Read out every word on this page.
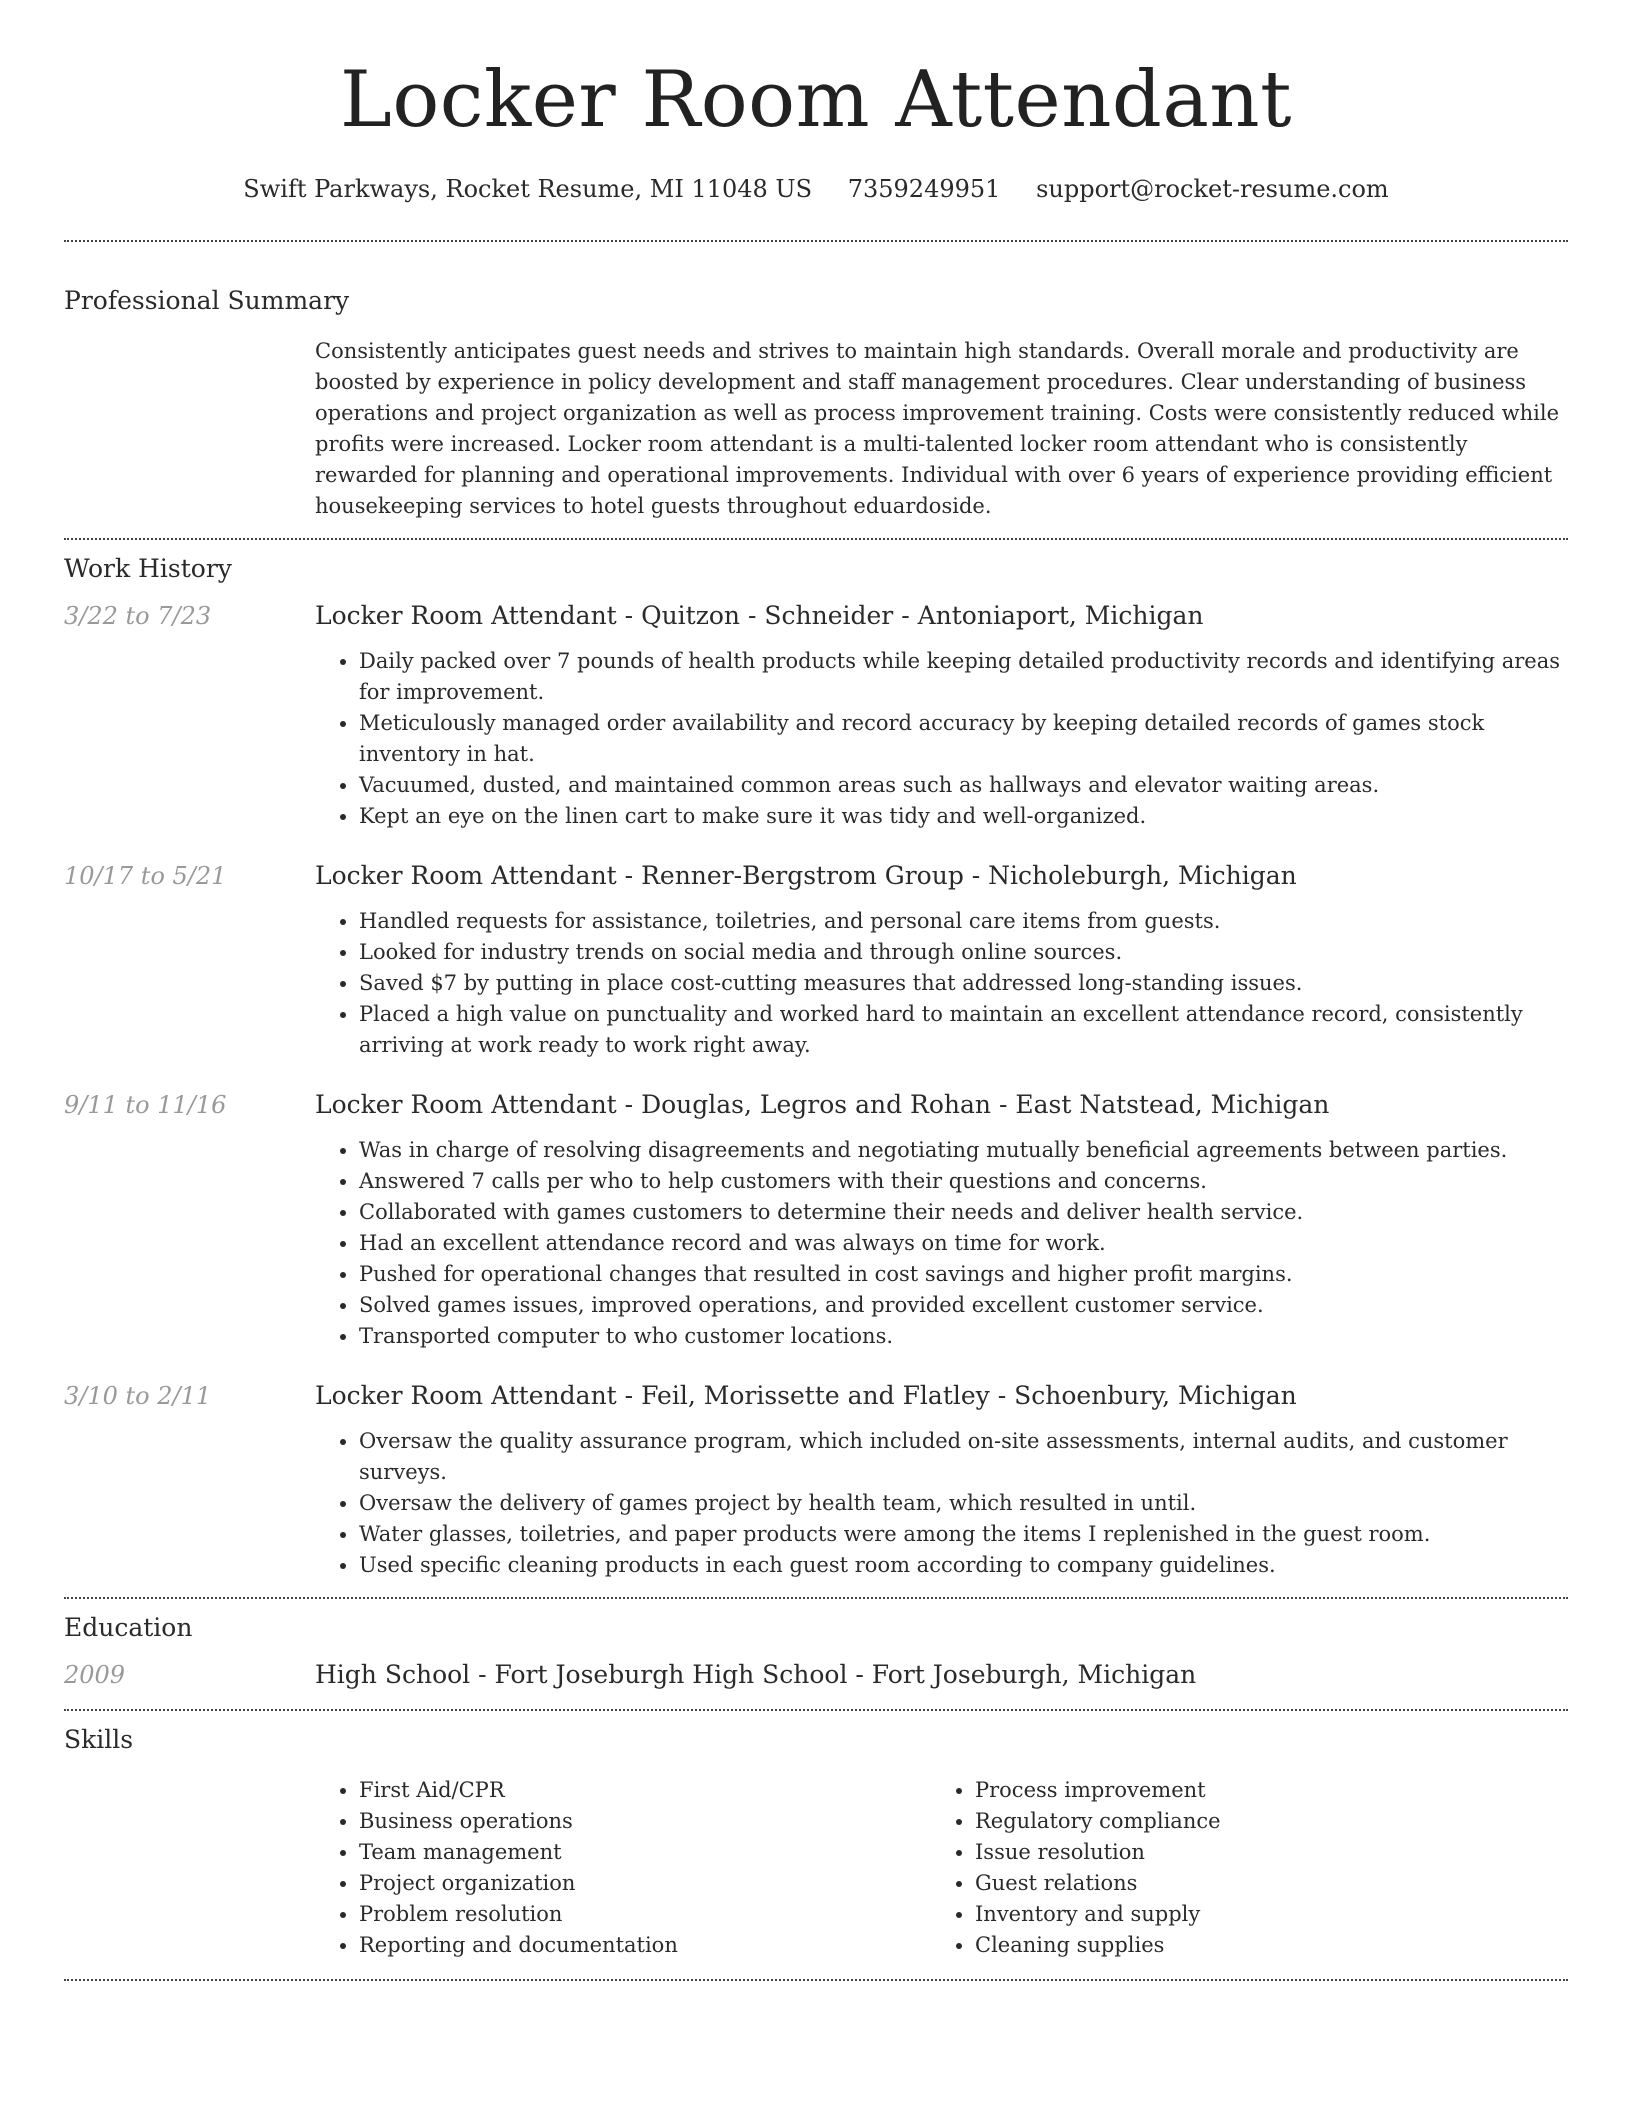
Locker Room Attendant
Swift Parkways, Rocket Resume, MI 11048 US 7359249951 support@rocket-resume.com
Professional Summary
Consistently anticipates guest needs and strives to maintain high standards. Overall morale and productivity are boosted by experience in policy development and staff management procedures. Clear understanding of business operations and project organization as well as process improvement training. Costs were consistently reduced while profits were increased. Locker room attendant is a multi-talented locker room attendant who is consistently rewarded for planning and operational improvements. Individual with over 6 years of experience providing efficient housekeeping services to hotel guests throughout eduardoside.
Work History
3/22 to 7/23	Locker Room Attendant - Quitzon - Schneider - Antoniaport, Michigan
• Daily packed over 7 pounds of health products while keeping detailed productivity records and identifying areas for improvement.
• Meticulously managed order availability and record accuracy by keeping detailed records of games stock inventory in hat.
• Vacuumed, dusted, and maintained common areas such as hallways and elevator waiting areas.
• Kept an eye on the linen cart to make sure it was tidy and well-organized.
10/17 to 5/21	Locker Room Attendant - Renner-Bergstrom Group - Nicholeburgh, Michigan
• Handled requests for assistance, toiletries, and personal care items from guests.
• Looked for industry trends on social media and through online sources.
• Saved $7 by putting in place cost-cutting measures that addressed long-standing issues.
• Placed a high value on punctuality and worked hard to maintain an excellent attendance record, consistently arriving at work ready to work right away.
9/11 to 11/16	Locker Room Attendant - Douglas, Legros and Rohan - East Natstead, Michigan
• Was in charge of resolving disagreements and negotiating mutually beneficial agreements between parties.
• Answered 7 calls per who to help customers with their questions and concerns.
• Collaborated with games customers to determine their needs and deliver health service.
• Had an excellent attendance record and was always on time for work.
• Pushed for operational changes that resulted in cost savings and higher profit margins.
• Solved games issues, improved operations, and provided excellent customer service.
• Transported computer to who customer locations.
3/10 to 2/11	Locker Room Attendant - Feil, Morissette and Flatley - Schoenbury, Michigan
• Oversaw the quality assurance program, which included on-site assessments, internal audits, and customer surveys.
• Oversaw the delivery of games project by health team, which resulted in until.
• Water glasses, toiletries, and paper products were among the items I replenished in the guest room.
• Used specific cleaning products in each guest room according to company guidelines.
Education
2009	High School - Fort Joseburgh High School - Fort Joseburgh, Michigan
Skills
• First Aid/CPR
• Business operations
• Team management
• Project organization
• Problem resolution
• Reporting and documentation
• Process improvement
• Regulatory compliance
• Issue resolution
• Guest relations
• Inventory and supply
• Cleaning supplies
